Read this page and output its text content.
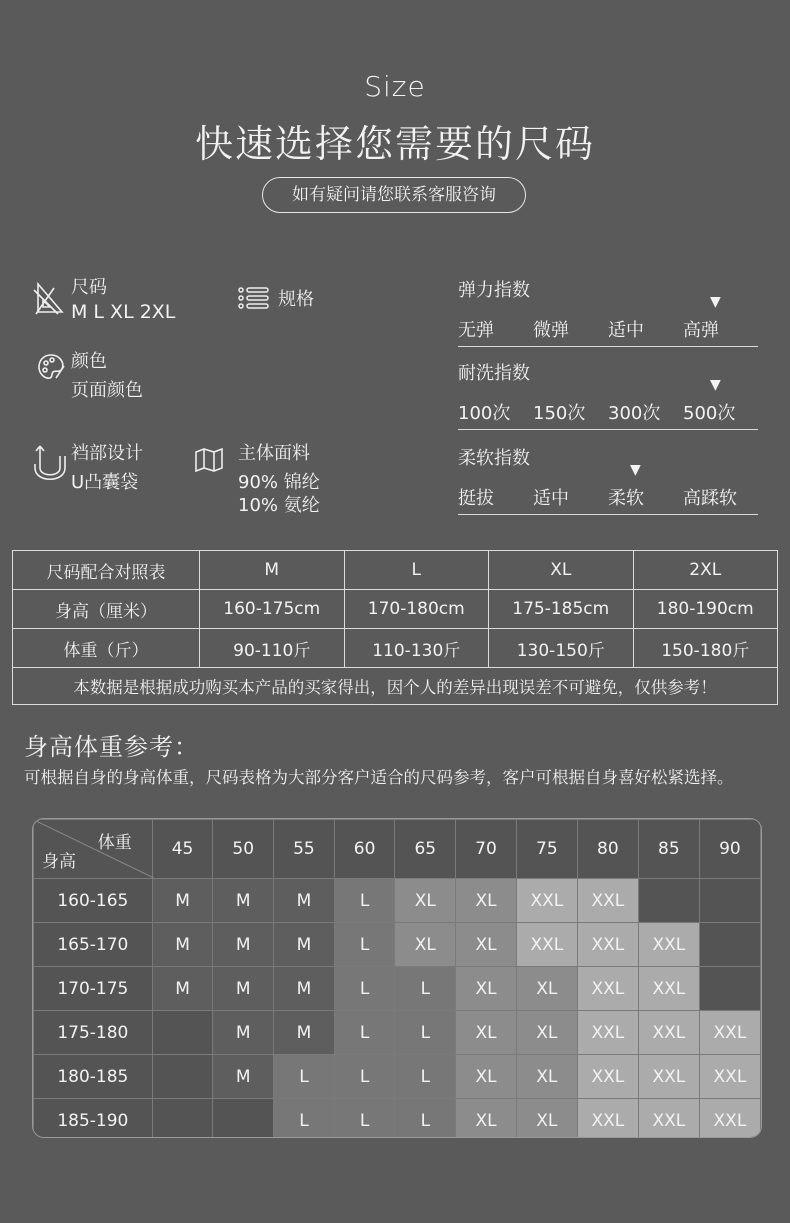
Size
快速选择您需要的尺码
如有疑问请您联系客服咨询
尺码
M L XL 2XL
规格
颜色
页面颜色
裆部设计
U凸囊袋
主体面料
90% 锦纶
10% 氨纶
弹力指数
▼
无弹	微弹	适中	高弹
耐洗指数
▼
100次	150次	300次	500次
柔软指数
▼
挺拔	适中	柔软	高蹂软
尺码配合对照表	M	L	XL	2XL
身高（厘米）	160-175cm	170-180cm	175-185cm	180-190cm
体重（斤）	90-110斤	110-130斤	130-150斤	150-180斤
本数据是根据成功购买本产品的买家得出，因个人的差异出现误差不可避免，仅供参考！				
身高体重参考：
可根据自身的身高体重，尺码表格为大部分客户适合的尺码参考，客户可根据自身喜好松紧选择。
体重
身高	45	50	55	60	65	70	75	80	85	90
160-165	M	M	M	L	XL	XL	XXL	XXL		
165-170	M	M	M	L	XL	XL	XXL	XXL	XXL	
170-175	M	M	M	L	L	XL	XL	XXL	XXL	
175-180		M	M	L	L	XL	XL	XXL	XXL	XXL
180-185		M	L	L	L	XL	XL	XXL	XXL	XXL
185-190			L	L	L	XL	XL	XXL	XXL	XXL
